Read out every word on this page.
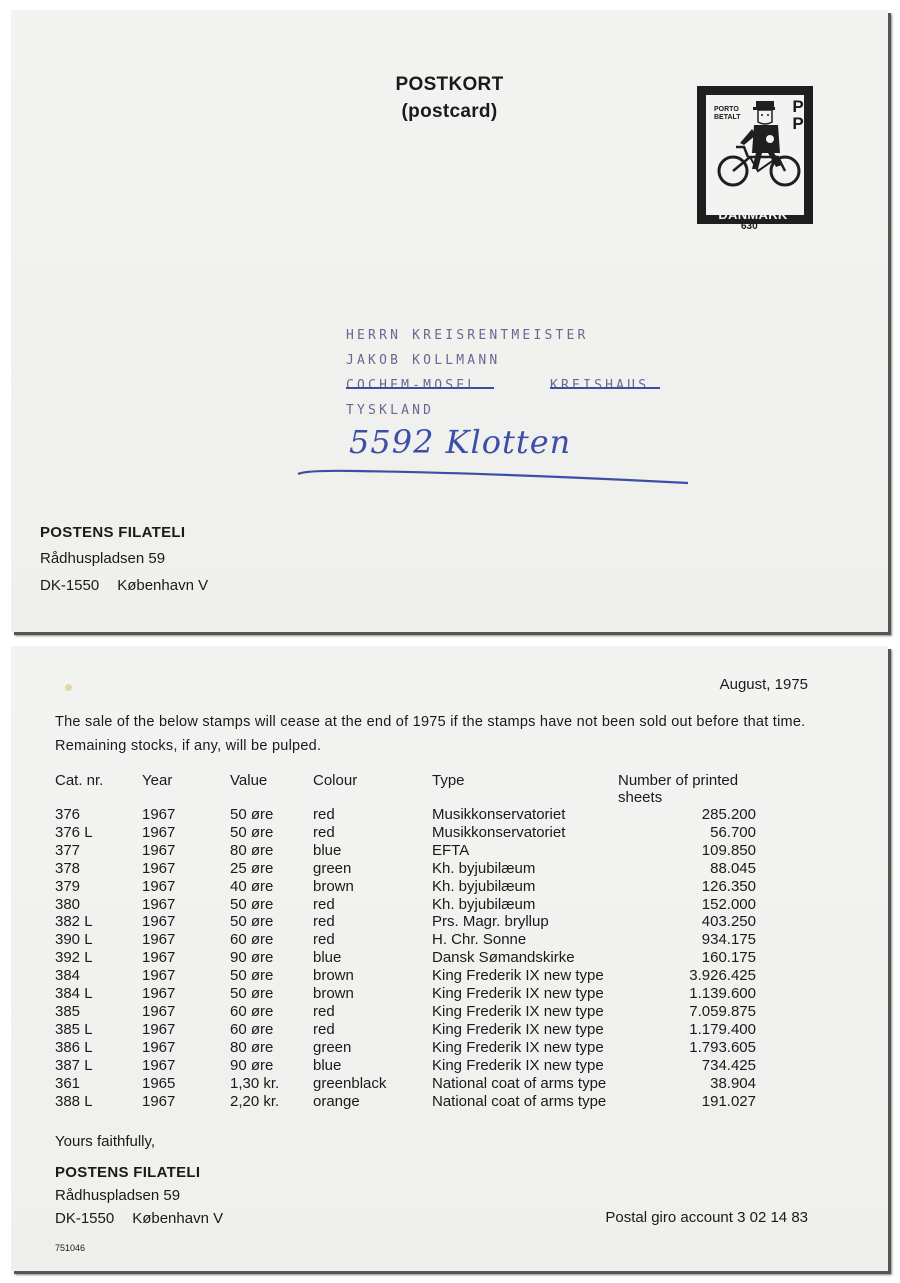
POSTKORT
(postcard)	PORTO
BETALT
P
P
DANMARK
630
HERRN KREISRENTMEISTER
JAKOB KOLLMANN
COCHEM-MOSEL	KREISHAUS
TYSKLAND
5592 Klotten
POSTENS FILATELI
Rådhuspladsen 59
DK-1550 København V
August, 1975
The sale of the below stamps will cease at the end of 1975 if the stamps have not been sold out before that time. Remaining stocks, if any, will be pulped.
Cat. nr.	Year	Value	Colour	Type	Number of printed sheets
376	1967	50 øre	red	Musikkonservatoriet	285.200
376 L	1967	50 øre	red	Musikkonservatoriet	56.700
377	1967	80 øre	blue	EFTA	109.850
378	1967	25 øre	green	Kh. byjubilæum	88.045
379	1967	40 øre	brown	Kh. byjubilæum	126.350
380	1967	50 øre	red	Kh. byjubilæum	152.000
382 L	1967	50 øre	red	Prs. Magr. bryllup	403.250
390 L	1967	60 øre	red	H. Chr. Sonne	934.175
392 L	1967	90 øre	blue	Dansk Sømandskirke	160.175
384	1967	50 øre	brown	King Frederik IX new type	3.926.425
384 L	1967	50 øre	brown	King Frederik IX new type	1.139.600
385	1967	60 øre	red	King Frederik IX new type	7.059.875
385 L	1967	60 øre	red	King Frederik IX new type	1.179.400
386 L	1967	80 øre	green	King Frederik IX new type	1.793.605
387 L	1967	90 øre	blue	King Frederik IX new type	734.425
361	1965	1,30 kr.	greenblack	National coat of arms type	38.904
388 L	1967	2,20 kr.	orange	National coat of arms type	191.027
Yours faithfully,
POSTENS FILATELI
Rådhuspladsen 59
DK-1550 København V	Postal giro account 3 02 14 83
751046
